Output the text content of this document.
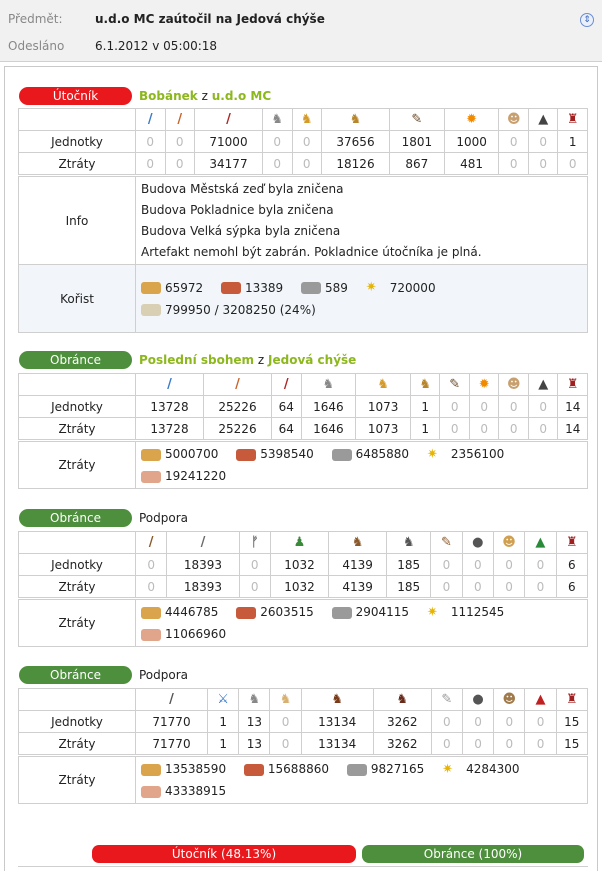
Předmět:	u.d.o MC zaútočil na Jedová chýše
Odesláno	6.1.2012 v 05:00:18
⇕
Útočník	Bobánek z u.d.o MC
	/	/	/	♞	♞	♞	✎	✹	☻	▲	♜
Jednotky	0	0	71000	0	0	37656	1801	1000	0	0	1
Ztráty	0	0	34177	0	0	18126	867	481	0	0	0
Info	Budova Městská zeď byla zničena
Budova Pokladnice byla zničena
Budova Velká sýpka byla zničena
Artefakt nemohl být zabrán. Pokladnice útočníka je plná.

Kořist	65972 13389 589 ✷ 720000
799950 / 3208250 (24%)
Obránce	Poslední sbohem z Jedová chýše
	/	/	/	♞	♞	♞	✎	✹	☻	▲	♜
Jednotky	13728	25226	64	1646	1073	1	0	0	0	0	14
Ztráty	13728	25226	64	1646	1073	1	0	0	0	0	14
Ztráty	
5000700	5398540	6485880 ✷ 2356100
19241220
Obránce	Podpora
	/	/	ᚠ	♟	♞	♞	✎	●	☻	▲	♜
Jednotky	0	18393	0	1032	4139	185	0	0	0	0	6
Ztráty	0	18393	0	1032	4139	185	0	0	0	0	6
Ztráty	
4446785	2603515	2904115 ✷ 1112545
11066960
Obránce	Podpora
	/	⚔	♞	♞	♞	♞	✎	●	☻	▲	♜
Jednotky	71770	1	13	0	13134	3262	0	0	0	0	15
Ztráty	71770	1	13	0	13134	3262	0	0	0	0	15
Ztráty	
13538590	15688860	9827165 ✷ 4284300
43338915
Útočník (48.13%)	Obránce (100%)
